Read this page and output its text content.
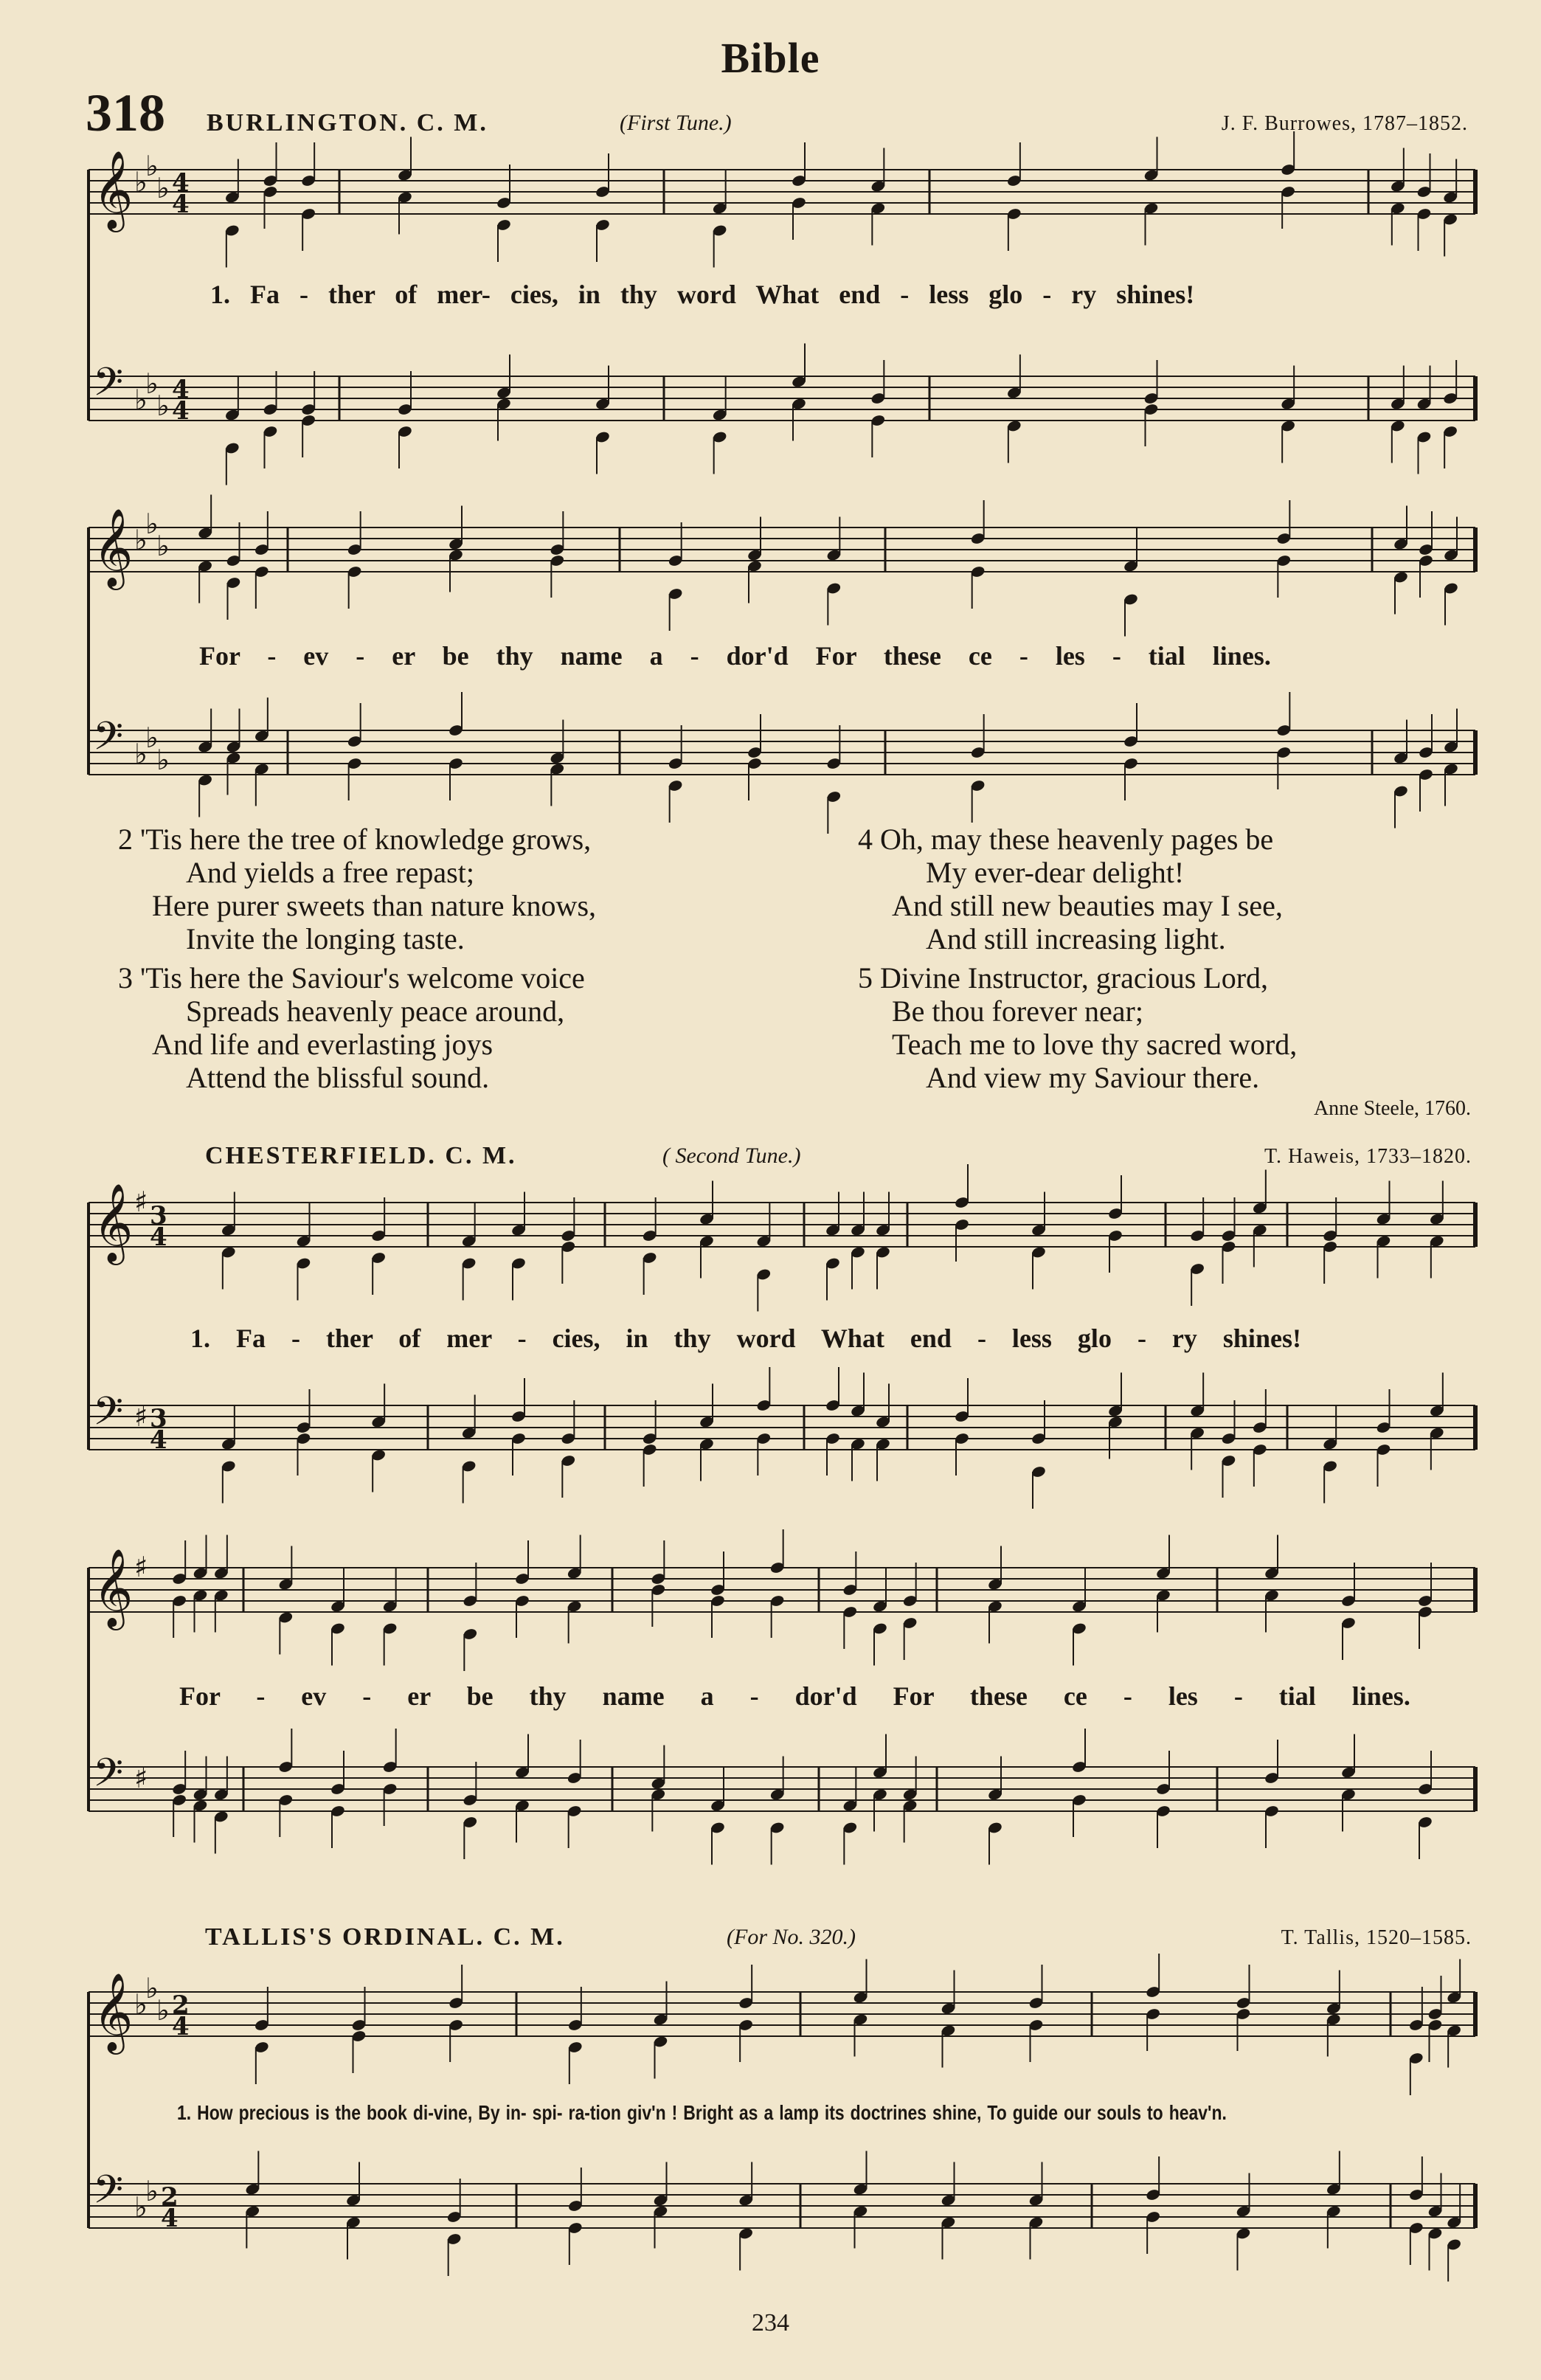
Bible
318 BURLINGTON. C. M.	(First Tune.)	J. F. Burrowes, 1787–1852.
CHESTERFIELD. C. M.	( Second Tune.)	T. Haweis, 1733–1820.
TALLIS'S ORDINAL. C. M.	(For No. 320.)	T. Tallis, 1520–1585.
𝄞 ♭
♭
♭ 4
4
𝄢 ♭
♭
♭ 4
4
𝄞 ♭
♭
♭
𝄢 ♭
♭
♭
𝄞 ♯ 3
4
𝄢 ♯ 3
4
𝄞 ♯
𝄢 ♯
𝄞 ♭
♭
♭ 2
4
𝄢 ♭
♭ 2
4
1. Fa - ther of mer- cies, in thy word What end - less glo - ry shines!
For - ev - er be thy name a - dor'd For these ce - les - tial lines.
2 'Tis here the tree of knowledge grows,
And yields a free repast;
Here purer sweets than nature knows,
Invite the longing taste.
3 'Tis here the Saviour's welcome voice
Spreads heavenly peace around,
And life and everlasting joys
Attend the blissful sound.
4 Oh, may these heavenly pages be
My ever-dear delight!
And still new beauties may I see,
And still increasing light.
5 Divine Instructor, gracious Lord,
Be thou forever near;
Teach me to love thy sacred word,
And view my Saviour there.
Anne Steele, 1760.
1. Fa - ther of mer - cies, in thy word What end - less glo - ry shines!
For - ev - er be thy name a - dor'd For these ce - les - tial lines.
1. How precious is the book di-vine, By in- spi- ra-tion giv'n ! Bright as a lamp its doctrines shine, To guide our souls to heav'n.
234
